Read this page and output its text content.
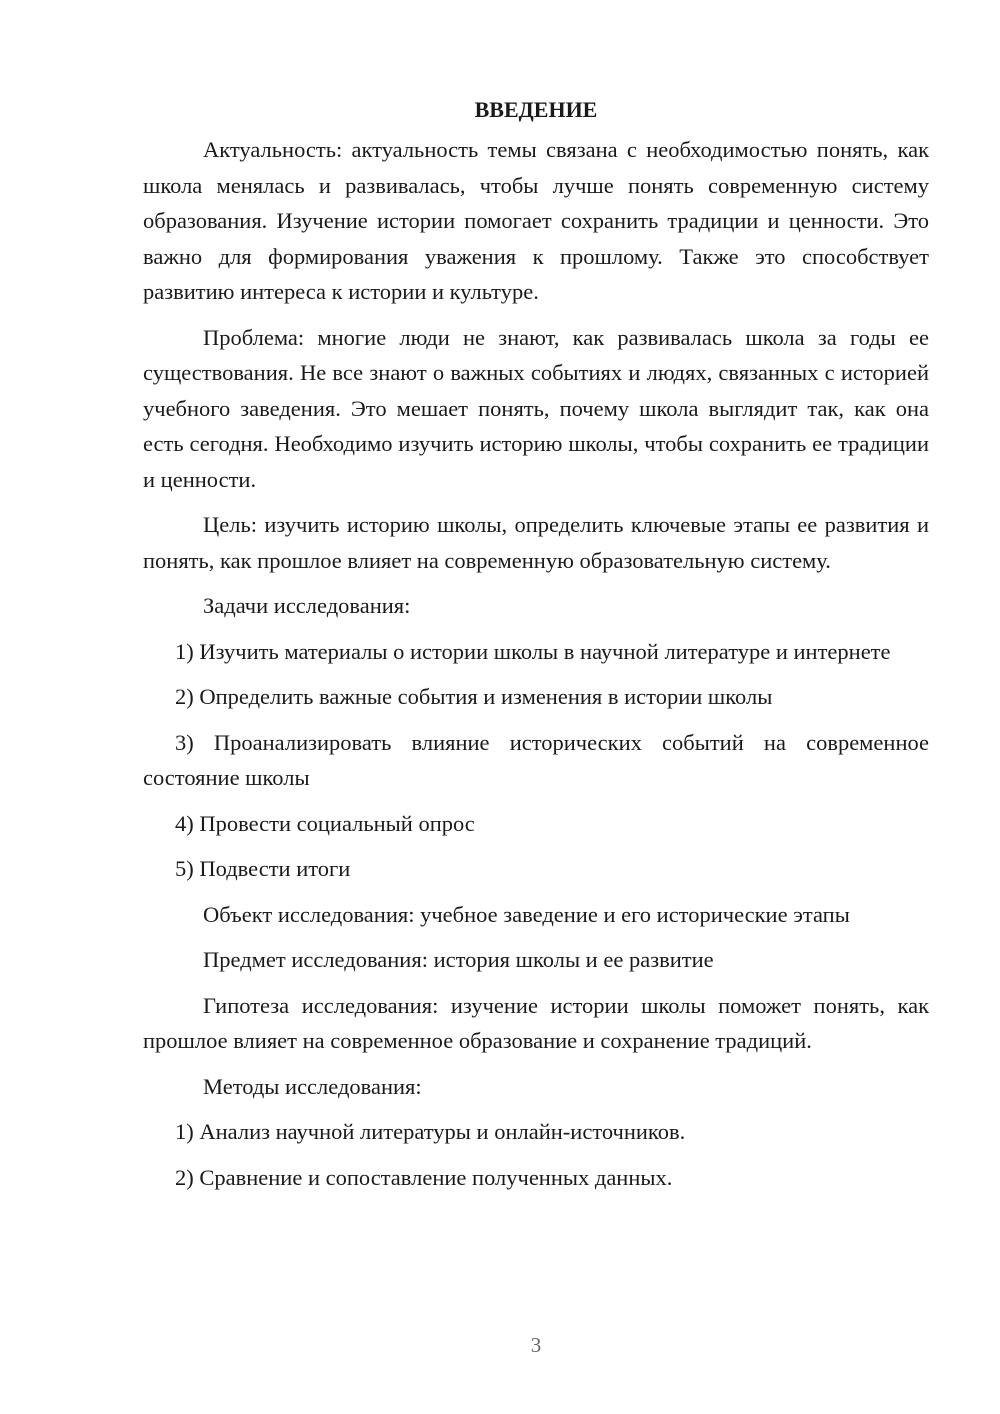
ВВЕДЕНИЕ

Актуальность: актуальность темы связана с необходимостью понять, как школа менялась и развивалась, чтобы лучше понять современную систему образования. Изучение истории помогает сохранить традиции и ценности. Это важно для формирования уважения к прошлому. Также это способствует развитию интереса к истории и культуре.

Проблема: многие люди не знают, как развивалась школа за годы ее существования. Не все знают о важных событиях и людях, связанных с историей учебного заведения. Это мешает понять, почему школа выглядит так, как она есть сегодня. Необходимо изучить историю школы, чтобы сохранить ее традиции и ценности.

Цель: изучить историю школы, определить ключевые этапы ее развития и понять, как прошлое влияет на современную образовательную систему.

Задачи исследования:

1) Изучить материалы о истории школы в научной литературе и интернете

2) Определить важные события и изменения в истории школы

3) Проанализировать влияние исторических событий на современное состояние школы

4) Провести социальный опрос

5) Подвести итоги

Объект исследования: учебное заведение и его исторические этапы

Предмет исследования: история школы и ее развитие

Гипотеза исследования: изучение истории школы поможет понять, как прошлое влияет на современное образование и сохранение традиций.

Методы исследования:

1) Анализ научной литературы и онлайн-источников.

2) Сравнение и сопоставление полученных данных.

3
